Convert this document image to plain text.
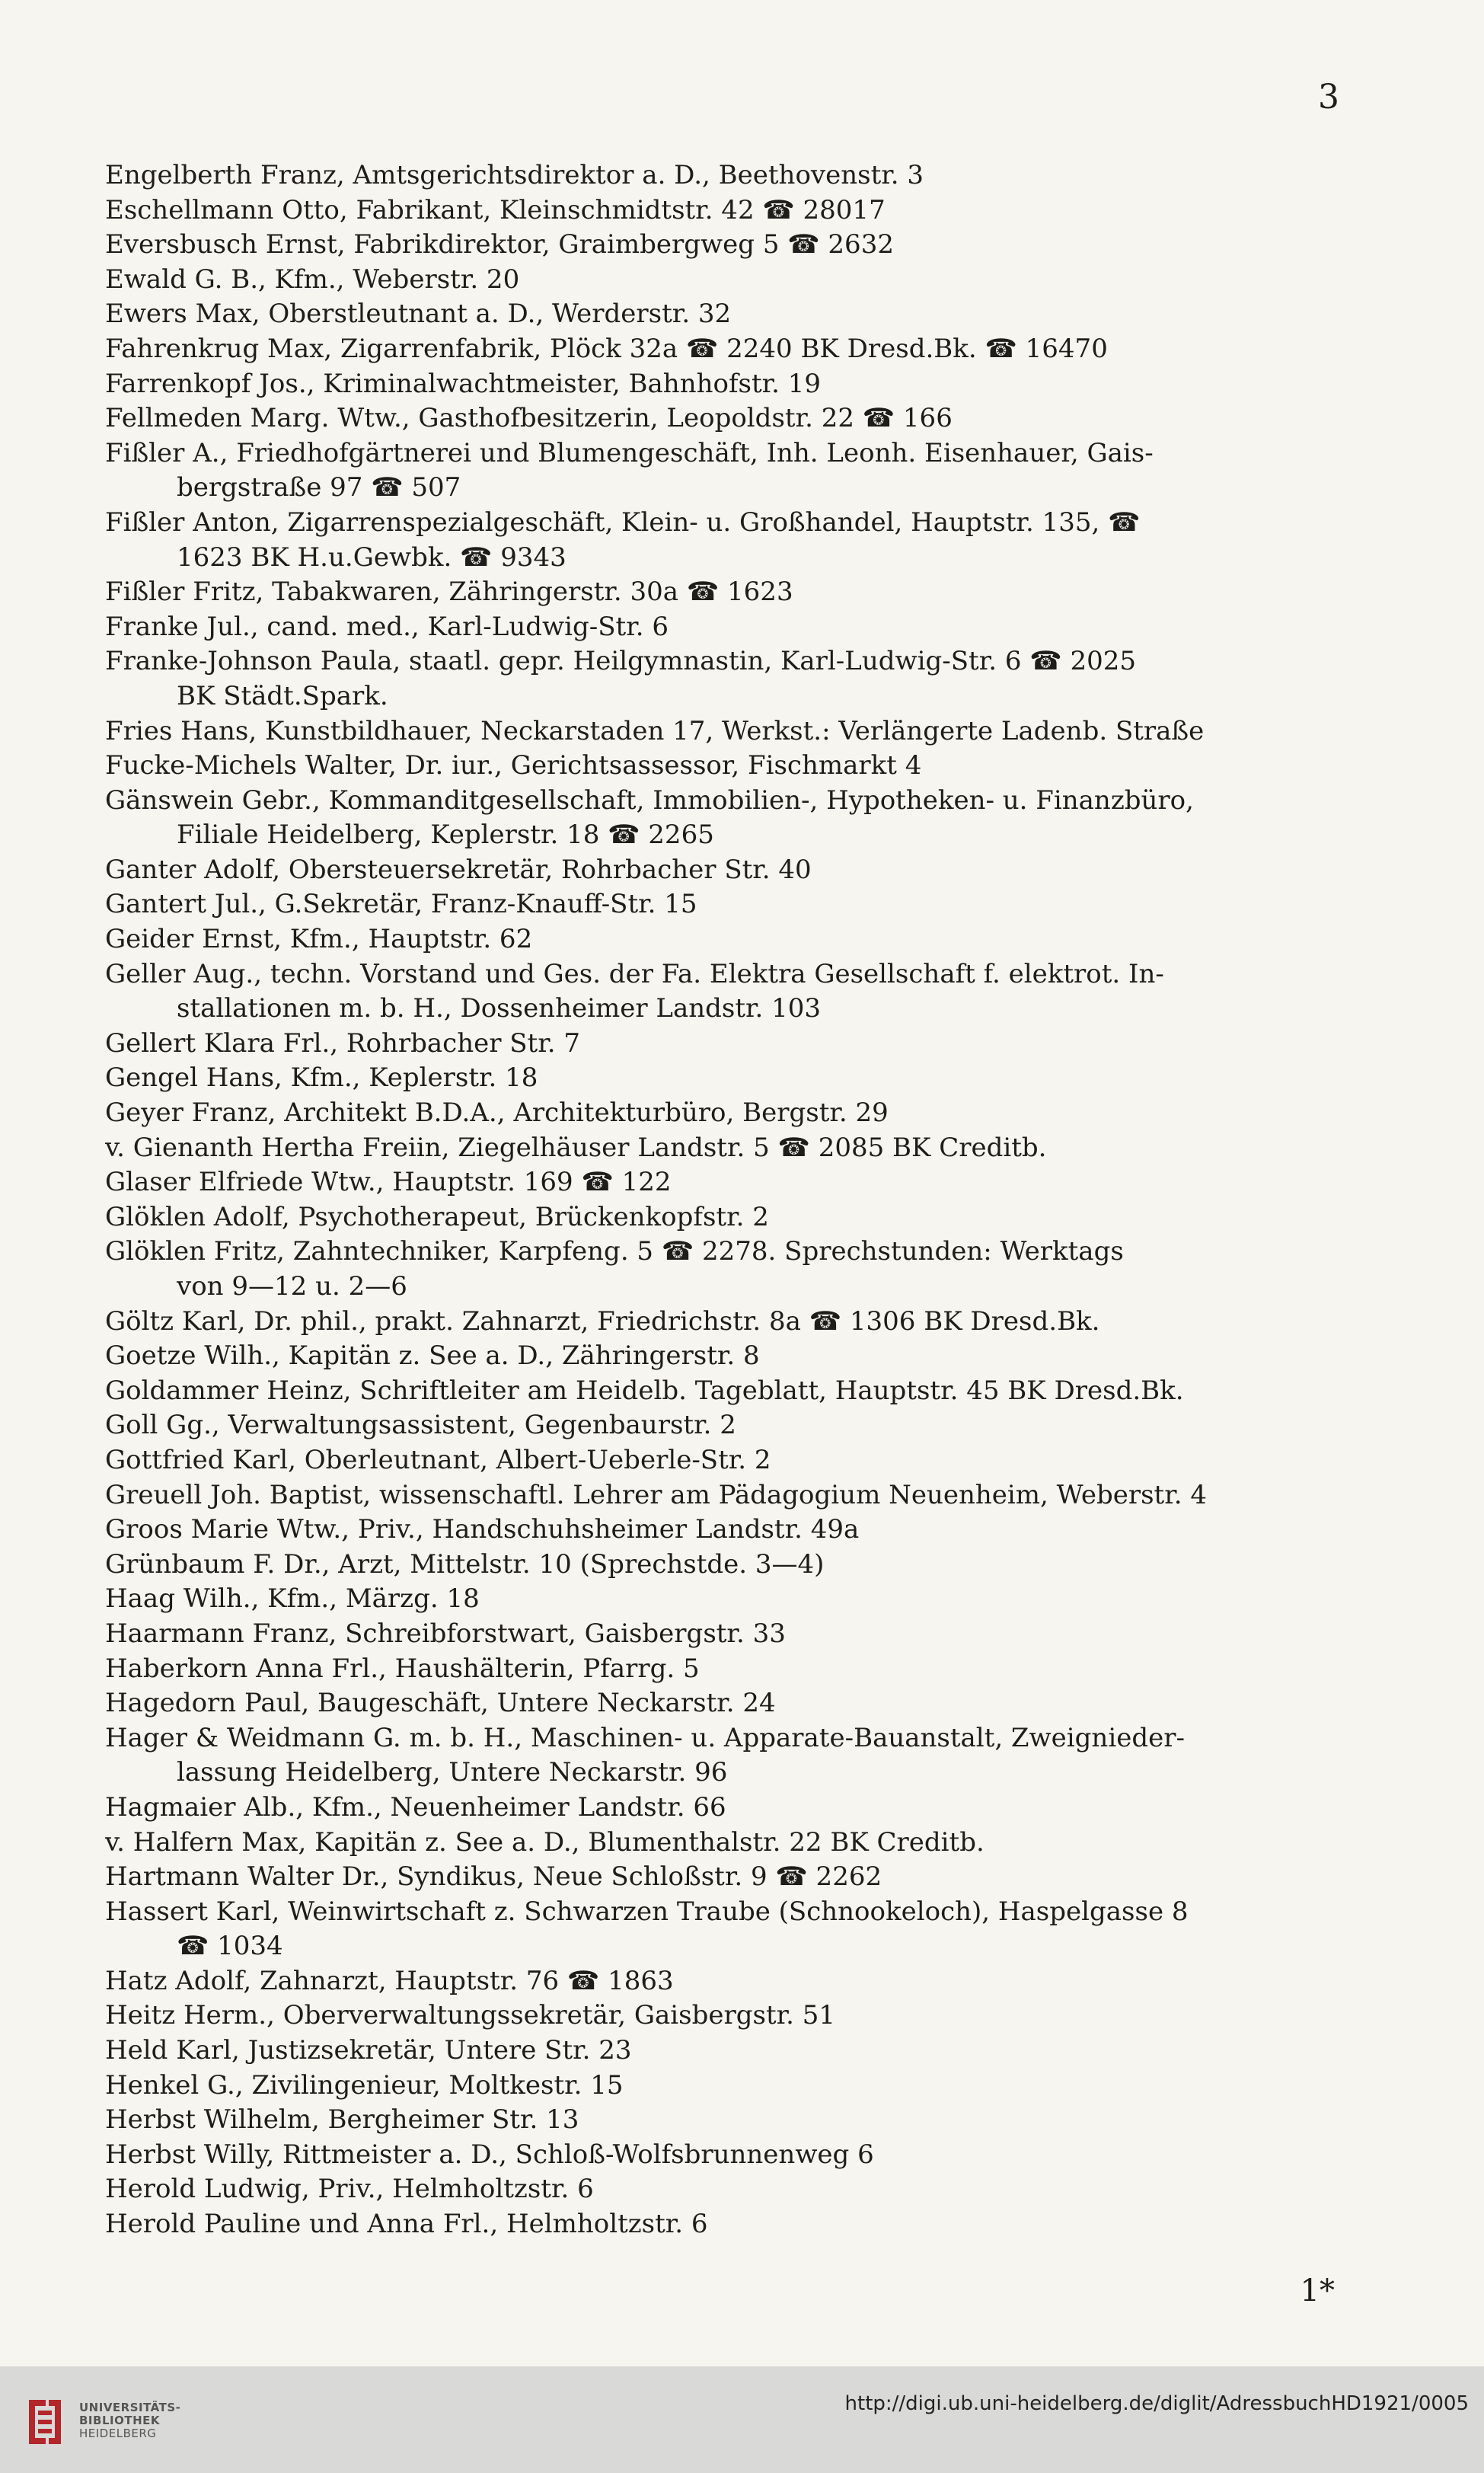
3
Engelberth Franz, Amtsgerichtsdirektor a. D., Beethovenstr. 3
Eschellmann Otto, Fabrikant, Kleinschmidtstr. 42 ☎ 28017
Eversbusch Ernst, Fabrikdirektor, Graimbergweg 5 ☎ 2632
Ewald G. B., Kfm., Weberstr. 20
Ewers Max, Oberstleutnant a. D., Werderstr. 32
Fahrenkrug Max, Zigarrenfabrik, Plöck 32a ☎ 2240 BK Dresd.Bk. ☎ 16470
Farrenkopf Jos., Kriminalwachtmeister, Bahnhofstr. 19
Fellmeden Marg. Wtw., Gasthofbesitzerin, Leopoldstr. 22 ☎ 166
Fißler A., Friedhofgärtnerei und Blumengeschäft, Inh. Leonh. Eisenhauer, Gais-
bergstraße 97 ☎ 507
Fißler Anton, Zigarrenspezialgeschäft, Klein- u. Großhandel, Hauptstr. 135, ☎
1623 BK H.u.Gewbk. ☎ 9343
Fißler Fritz, Tabakwaren, Zähringerstr. 30a ☎ 1623
Franke Jul., cand. med., Karl-Ludwig-Str. 6
Franke-Johnson Paula, staatl. gepr. Heilgymnastin, Karl-Ludwig-Str. 6 ☎ 2025
BK Städt.Spark.
Fries Hans, Kunstbildhauer, Neckarstaden 17, Werkst.: Verlängerte Ladenb. Straße
Fucke-Michels Walter, Dr. iur., Gerichtsassessor, Fischmarkt 4
Gänswein Gebr., Kommanditgesellschaft, Immobilien-, Hypotheken- u. Finanzbüro,
Filiale Heidelberg, Keplerstr. 18 ☎ 2265
Ganter Adolf, Obersteuersekretär, Rohrbacher Str. 40
Gantert Jul., G.Sekretär, Franz-Knauff-Str. 15
Geider Ernst, Kfm., Hauptstr. 62
Geller Aug., techn. Vorstand und Ges. der Fa. Elektra Gesellschaft f. elektrot. In-
stallationen m. b. H., Dossenheimer Landstr. 103
Gellert Klara Frl., Rohrbacher Str. 7
Gengel Hans, Kfm., Keplerstr. 18
Geyer Franz, Architekt B.D.A., Architekturbüro, Bergstr. 29
v. Gienanth Hertha Freiin, Ziegelhäuser Landstr. 5 ☎ 2085 BK Creditb.
Glaser Elfriede Wtw., Hauptstr. 169 ☎ 122
Glöklen Adolf, Psychotherapeut, Brückenkopfstr. 2
Glöklen Fritz, Zahntechniker, Karpfeng. 5 ☎ 2278. Sprechstunden: Werktags
von 9—12 u. 2—6
Göltz Karl, Dr. phil., prakt. Zahnarzt, Friedrichstr. 8a ☎ 1306 BK Dresd.Bk.
Goetze Wilh., Kapitän z. See a. D., Zähringerstr. 8
Goldammer Heinz, Schriftleiter am Heidelb. Tageblatt, Hauptstr. 45 BK Dresd.Bk.
Goll Gg., Verwaltungsassistent, Gegenbaurstr. 2
Gottfried Karl, Oberleutnant, Albert-Ueberle-Str. 2
Greuell Joh. Baptist, wissenschaftl. Lehrer am Pädagogium Neuenheim, Weberstr. 4
Groos Marie Wtw., Priv., Handschuhsheimer Landstr. 49a
Grünbaum F. Dr., Arzt, Mittelstr. 10 (Sprechstde. 3—4)
Haag Wilh., Kfm., Märzg. 18
Haarmann Franz, Schreibforstwart, Gaisbergstr. 33
Haberkorn Anna Frl., Haushälterin, Pfarrg. 5
Hagedorn Paul, Baugeschäft, Untere Neckarstr. 24
Hager & Weidmann G. m. b. H., Maschinen- u. Apparate-Bauanstalt, Zweignieder-
lassung Heidelberg, Untere Neckarstr. 96
Hagmaier Alb., Kfm., Neuenheimer Landstr. 66
v. Halfern Max, Kapitän z. See a. D., Blumenthalstr. 22 BK Creditb.
Hartmann Walter Dr., Syndikus, Neue Schloßstr. 9 ☎ 2262
Hassert Karl, Weinwirtschaft z. Schwarzen Traube (Schnookeloch), Haspelgasse 8
☎ 1034
Hatz Adolf, Zahnarzt, Hauptstr. 76 ☎ 1863
Heitz Herm., Oberverwaltungssekretär, Gaisbergstr. 51
Held Karl, Justizsekretär, Untere Str. 23
Henkel G., Zivilingenieur, Moltkestr. 15
Herbst Wilhelm, Bergheimer Str. 13
Herbst Willy, Rittmeister a. D., Schloß-Wolfsbrunnenweg 6
Herold Ludwig, Priv., Helmholtzstr. 6
Herold Pauline und Anna Frl., Helmholtzstr. 6
1*
UNIVERSITÄTS-
BIBLIOTHEK
HEIDELBERG
http://digi.ub.uni-heidelberg.de/diglit/AdressbuchHD1921/0005
